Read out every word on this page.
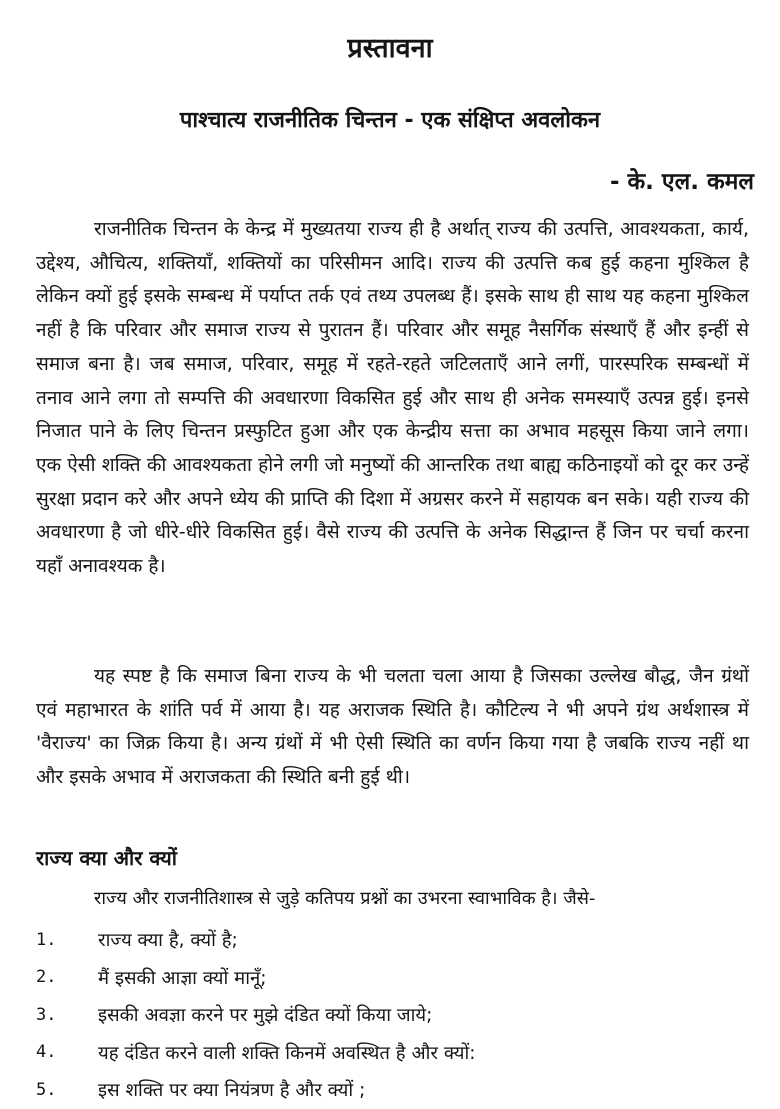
प्रस्तावना
पाश्चात्य राजनीतिक चिन्तन - एक संक्षिप्त अवलोकन
- के. एल. कमल

राजनीतिक चिन्तन के केन्द्र में मुख्यतया राज्य ही है अर्थात् राज्य की उत्पत्ति, आवश्यकता, कार्य, उद्देश्य, औचित्य, शक्तियाँ, शक्तियों का परिसीमन आदि। राज्य की उत्पत्ति कब हुई कहना मुश्किल है लेकिन क्यों हुई इसके सम्बन्ध में पर्याप्त तर्क एवं तथ्य उपलब्ध हैं। इसके साथ ही साथ यह कहना मुश्किल नहीं है कि परिवार और समाज राज्य से पुरातन हैं। परिवार और समूह नैसर्गिक संस्थाएँ हैं और इन्हीं से समाज बना है। जब समाज, परिवार, समूह में रहते-रहते जटिलताएँ आने लगीं, पारस्परिक सम्बन्धों में तनाव आने लगा तो सम्पत्ति की अवधारणा विकसित हुई और साथ ही अनेक समस्याएँ उत्पन्न हुई। इनसे निजात पाने के लिए चिन्तन प्रस्फुटित हुआ और एक केन्द्रीय सत्ता का अभाव महसूस किया जाने लगा। एक ऐसी शक्ति की आवश्यकता होने लगी जो मनुष्यों की आन्तरिक तथा बाह्य कठिनाइयों को दूर कर उन्हें सुरक्षा प्रदान करे और अपने ध्येय की प्राप्ति की दिशा में अग्रसर करने में सहायक बन सके। यही राज्य की अवधारणा है जो धीरे-धीरे विकसित हुई। वैसे राज्य की उत्पत्ति के अनेक सिद्धान्त हैं जिन पर चर्चा करना यहाँ अनावश्यक है।

यह स्पष्ट है कि समाज बिना राज्य के भी चलता चला आया है जिसका उल्लेख बौद्ध, जैन ग्रंथों एवं महाभारत के शांति पर्व में आया है। यह अराजक स्थिति है। कौटिल्य ने भी अपने ग्रंथ अर्थशास्त्र में 'वैराज्य' का जिक्र किया है। अन्य ग्रंथों में भी ऐसी स्थिति का वर्णन किया गया है जबकि राज्य नहीं था और इसके अभाव में अराजकता की स्थिति बनी हुई थी।

राज्य क्या और क्यों

राज्य और राजनीतिशास्त्र से जुड़े कतिपय प्रश्नों का उभरना स्वाभाविक है। जैसे-

1.	राज्य क्या है, क्यों है;
2.	मैं इसकी आज्ञा क्यों मानूँ;
3.	इसकी अवज्ञा करने पर मुझे दंडित क्यों किया जाये;
4.	यह दंडित करने वाली शक्ति किनमें अवस्थित है और क्यों:
5.	इस शक्ति पर क्या नियंत्रण है और क्यों ;
